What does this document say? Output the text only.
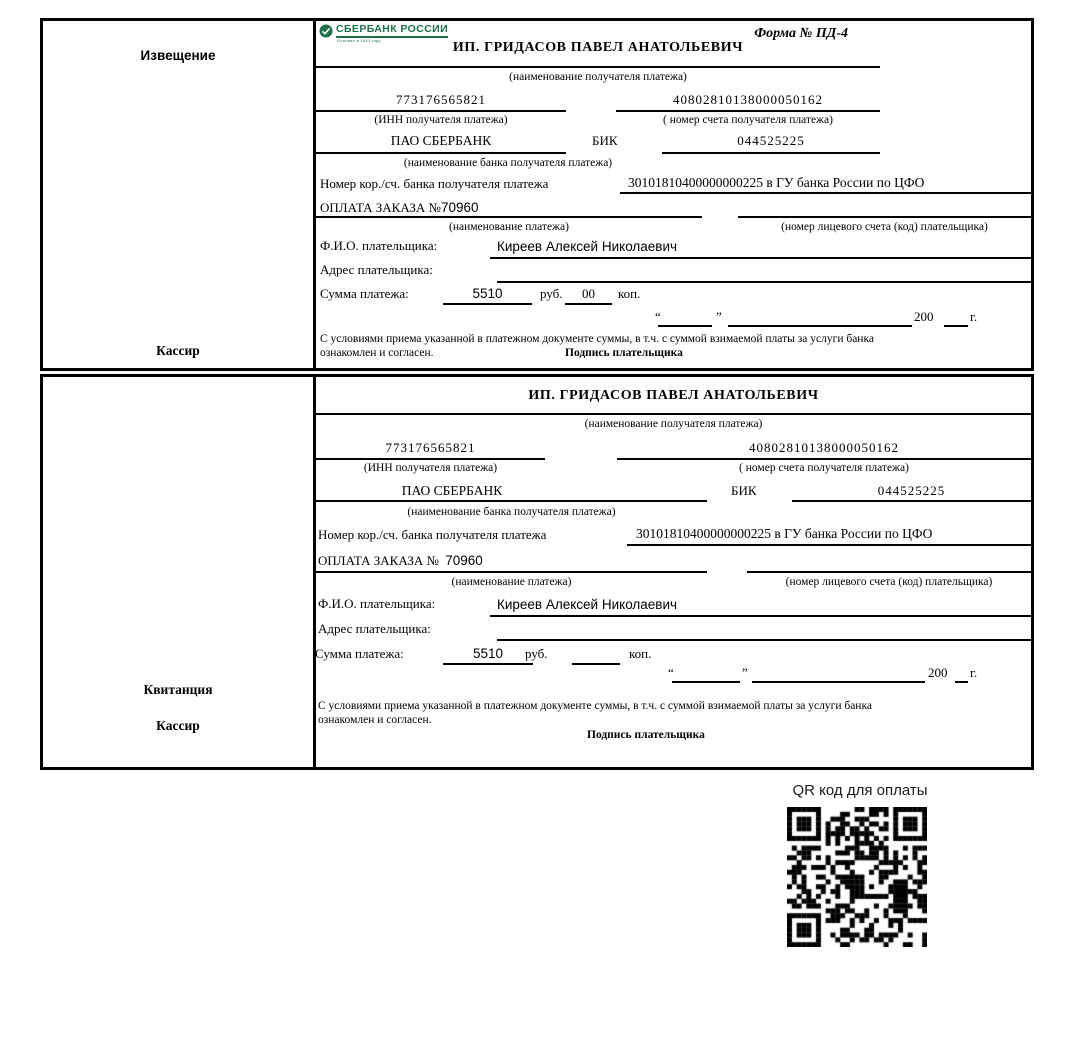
Извещение
Кассир
СБЕРБАНК РОССИИ
Основан в 1841 году	Форма № ПД-4
ИП. ГРИДАСОВ ПАВЕЛ АНАТОЛЬЕВИЧ
(наименование получателя платежа)
773176565821	40802810138000050162
(ИНН получателя платежа)	( номер счета получателя платежа)
ПАО СБЕРБАНК	БИК	044525225
(наименование банка получателя платежа)
Номер кор./сч. банка получателя платежа	30101810400000000225 в ГУ банка России по ЦФО
ОПЛАТА ЗАКАЗА №70960
(наименование платежа)	(номер лицевого счета (код) плательщика)
Ф.И.О. плательщика:	Киреев Алексей Николаевич
Адрес плательщика:
Сумма платежа:	5510	руб.	00	коп.
“	”	200	г.
С условиями приема указанной в платежном документе суммы, в т.ч. с суммой взимаемой платы за услуги банка
ознакомлен и согласен.	Подпись плательщика
Квитанция
Кассир
ИП. ГРИДАСОВ ПАВЕЛ АНАТОЛЬЕВИЧ
(наименование получателя платежа)
773176565821	40802810138000050162
(ИНН получателя платежа)	( номер счета получателя платежа)
ПАО СБЕРБАНК	БИК	044525225
(наименование банка получателя платежа)
Номер кор./сч. банка получателя платежа	30101810400000000225 в ГУ банка России по ЦФО
ОПЛАТА ЗАКАЗА № 70960
(наименование платежа)	(номер лицевого счета (код) плательщика)
Ф.И.О. плательщика:	Киреев Алексей Николаевич
Адрес плательщика:
Сумма платежа:	5510	руб.	коп.
“	”	200 г.
С условиями приема указанной в платежном документе суммы, в т.ч. с суммой взимаемой платы за услуги банка
ознакомлен и согласен.
Подпись плательщика
QR код для оплаты
